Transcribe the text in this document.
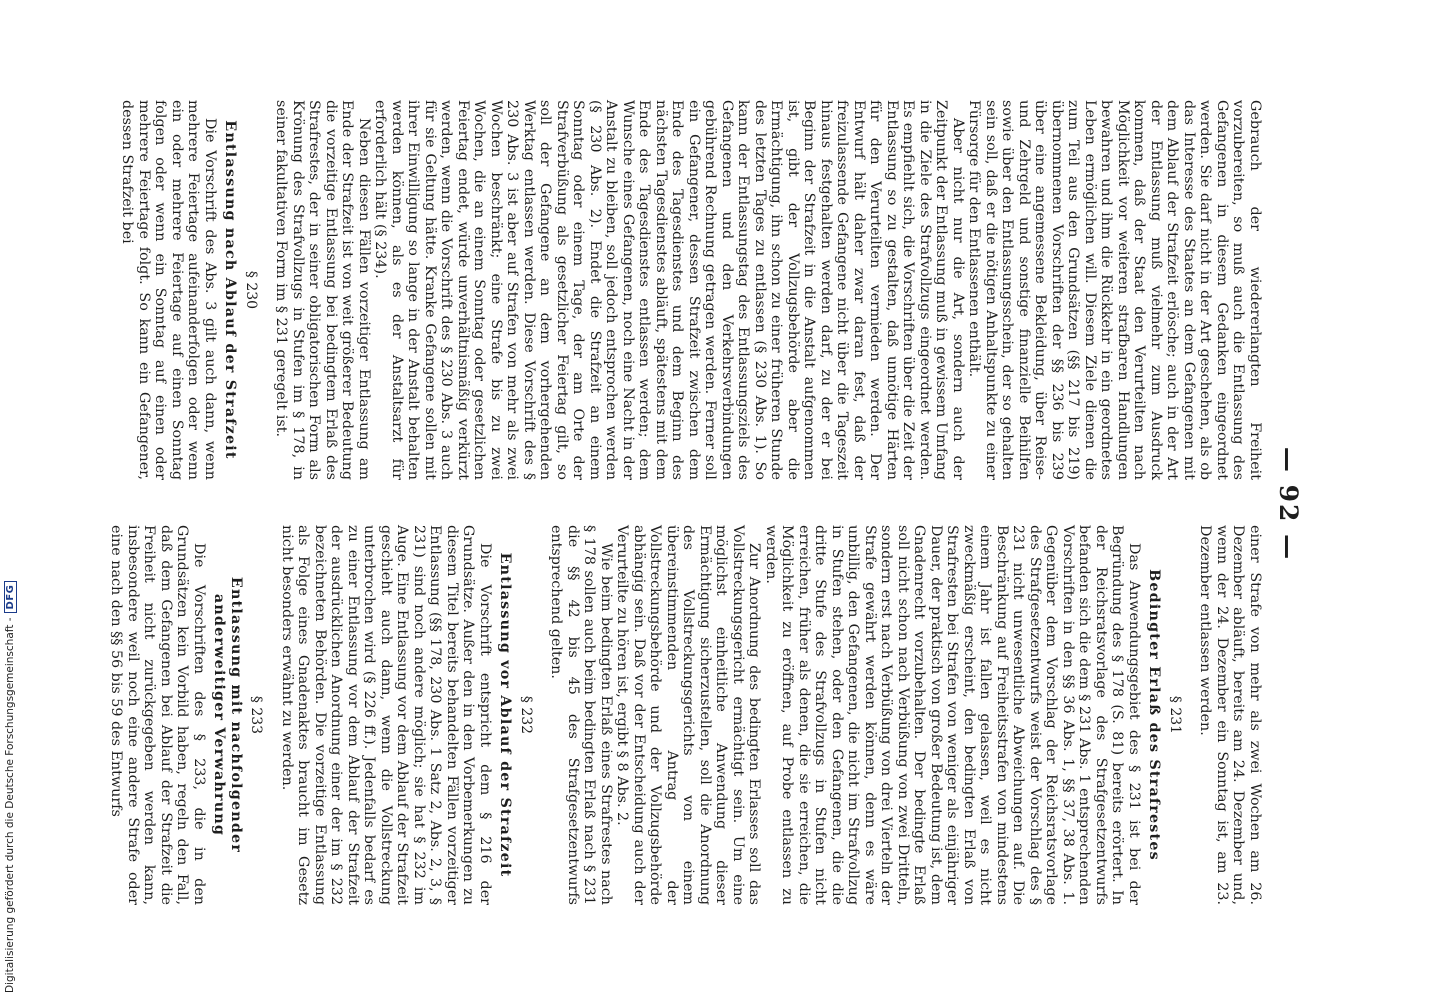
— 92 —

Gebrauch der wiedererlangten Freiheit vorzubereiten, so muß auch die Entlassung des Gefangenen in diesem Gedanken eingeordnet werden. Sie darf nicht in der Art geschehen, als ob das Interesse des Staates an dem Gefangenen mit dem Ablauf der Strafzeit erlösche; auch in der Art der Entlassung muß vielmehr zum Ausdruck kommen, daß der Staat den Verurteilten nach Möglichkeit vor weiteren strafbaren Handlungen bewahren und ihm die Rückkehr in ein geordnetes Leben ermöglichen will. Diesem Ziele dienen die zum Teil aus den Grundsätzen (§§ 217 bis 219) übernommenen Vorschriften der §§ 236 bis 239 über eine angemessene Bekleidung, über Reise- und Zehrgeld und sonstige finanzielle Beihilfen sowie über den Entlassungsschein, der so gehalten sein soll, daß er die nötigen Anhaltspunkte zu einer Fürsorge für den Entlassenen enthält.

Aber nicht nur die Art, sondern auch der Zeitpunkt der Entlassung muß in gewissem Umfang in die Ziele des Strafvollzugs eingeordnet werden. Es empfiehlt sich, die Vorschriften über die Zeit der Entlassung so zu gestalten, daß unnötige Härten für den Verurteilten vermieden werden. Der Entwurf hält daher zwar daran fest, daß der freizulassende Gefangene nicht über die Tageszeit hinaus festgehalten werden darf, zu der er bei Beginn der Strafzeit in die Anstalt aufgenommen ist, gibt der Vollzugsbehörde aber die Ermächtigung, ihn schon zu einer früheren Stunde des letzten Tages zu entlassen (§ 230 Abs. 1). So kann der Entlassungstag des Entlassungsziels des Gefangenen und den Verkehrsverbindungen gebührend Rechnung getragen werden. Ferner soll ein Gefangener, dessen Strafzeit zwischen dem Ende des Tagesdienstes und dem Beginn des nächsten Tagesdienstes abläuft, spätestens mit dem Ende des Tagesdienstes entlassen werden; dem Wunsche eines Gefangenen, noch eine Nacht in der Anstalt zu bleiben, soll jedoch entsprochen werden (§ 230 Abs. 2). Endet die Strafzeit an einem Sonntag oder einem Tage, der am Orte der Strafverbüßung als gesetzlicher Feiertag gilt, so soll der Gefangene an dem vorhergehenden Werktag entlassen werden. Diese Vorschrift des § 230 Abs. 3 ist aber auf Strafen von mehr als zwei Wochen beschränkt; eine Strafe bis zu zwei Wochen, die an einem Sonntag oder gesetzlichen Feiertag endet, würde unverhältnismäßig verkürzt werden, wenn die Vorschrift des § 230 Abs. 3 auch für sie Geltung hätte. Kranke Gefangene sollen mit ihrer Einwilligung so lange in der Anstalt behalten werden können, als es der Anstaltsarzt für erforderlich hält (§ 234).

Neben diesen Fällen vorzeitiger Entlassung am Ende der Strafzeit ist von weit größerer Bedeutung die vorzeitige Entlassung bei bedingtem Erlaß des Strafrestes, der in seiner obligatorischen Form als Krönung des Strafvollzugs in Stufen im § 178, in seiner fakultativen Form im § 231 geregelt ist.

§ 230
Entlassung nach Ablauf der Strafzeit

Die Vorschrift des Abs. 3 gilt auch dann, wenn mehrere Feiertage aufeinanderfolgen oder wenn ein oder mehrere Feiertage auf einen Sonntag folgen oder wenn ein Sonntag auf einen oder mehrere Feiertage folgt. So kann ein Gefangener, dessen Strafzeit bei

einer Strafe von mehr als zwei Wochen am 26. Dezember abläuft, bereits am 24. Dezember und, wenn der 24. Dezember ein Sonntag ist, am 23. Dezember entlassen werden.

§ 231
Bedingter Erlaß des Strafrestes

Das Anwendungsgebiet des § 231 ist bei der Begründung des § 178 (S. 81) bereits erörtert. In der Reichsratsvorlage des Strafgesetzentwurfs befanden sich die dem § 231 Abs. 1 entsprechenden Vorschriften in den §§ 36 Abs. 1, §§ 37, 38 Abs. 1. Gegenüber dem Vorschlag der Reichsratsvorlage des Strafgesetzentwurfs weist der Vorschlag des § 231 nicht unwesentliche Abweichungen auf. Die Beschränkung auf Freiheitsstrafen von mindestens einem Jahr ist fallen gelassen, weil es nicht zweckmäßig erscheint, den bedingten Erlaß von Strafresten bei Strafen von weniger als einjähriger Dauer, der praktisch von großer Bedeutung ist, dem Gnadenrecht vorzubehalten. Der bedingte Erlaß soll nicht schon nach Verbüßung von zwei Dritteln, sondern erst nach Verbüßung von drei Vierteln der Strafe gewährt werden können, denn es wäre unbillig, den Gefangenen, die nicht im Strafvollzug in Stufen stehen, oder den Gefangenen, die die dritte Stufe des Strafvollzugs in Stufen nicht erreichen, früher als denen, die sie erreichen, die Möglichkeit zu eröffnen, auf Probe entlassen zu werden.

Zur Anordnung des bedingten Erlasses soll das Vollstreckungsgericht ermächtigt sein. Um eine möglichst einheitliche Anwendung dieser Ermächtigung sicherzustellen, soll die Anordnung des Vollstreckungsgerichts von einem übereinstimmenden Antrag der Vollstreckungsbehörde und der Vollzugsbehörde abhängig sein. Daß vor der Entscheidung auch der Verurteilte zu hören ist, ergibt § 8 Abs. 2.

Wie beim bedingten Erlaß eines Strafrestes nach § 178 sollen auch beim bedingten Erlaß nach § 231 die §§ 42 bis 45 des Strafgesetzentwurfs entsprechend gelten.

§ 232
Entlassung vor Ablauf der Strafzeit

Die Vorschrift entspricht dem § 216 der Grundsätze. Außer den in den Vorbemerkungen zu diesem Titel bereits behandelten Fällen vorzeitiger Entlassung (§§ 178, 230 Abs. 1 Satz 2, Abs. 2, 3, § 231) sind noch andere möglich; sie hat § 232 im Auge. Eine Entlassung vor dem Ablauf der Strafzeit geschieht auch dann, wenn die Vollstreckung unterbrochen wird (§ 226 ff.). Jedenfalls bedarf es zu einer Entlassung vor dem Ablauf der Strafzeit der ausdrücklichen Anordnung einer der im § 232 bezeichneten Behörden. Die vorzeitige Entlassung als Folge eines Gnadenaktes braucht im Gesetz nicht besonders erwähnt zu werden.

§ 233
Entlassung mit nachfolgender anderweitiger Verwahrung

Die Vorschriften des § 233, die in den Grundsätzen kein Vorbild haben, regeln den Fall, daß dem Gefangenen bei Ablauf der Strafzeit die Freiheit nicht zurückgegeben werden kann, insbesondere weil noch eine andere Strafe oder eine nach den §§ 56 bis 59 des Entwurfs

Digitalisierung gefördert durch die Deutsche Forschungsgemeinschaft -DFG
